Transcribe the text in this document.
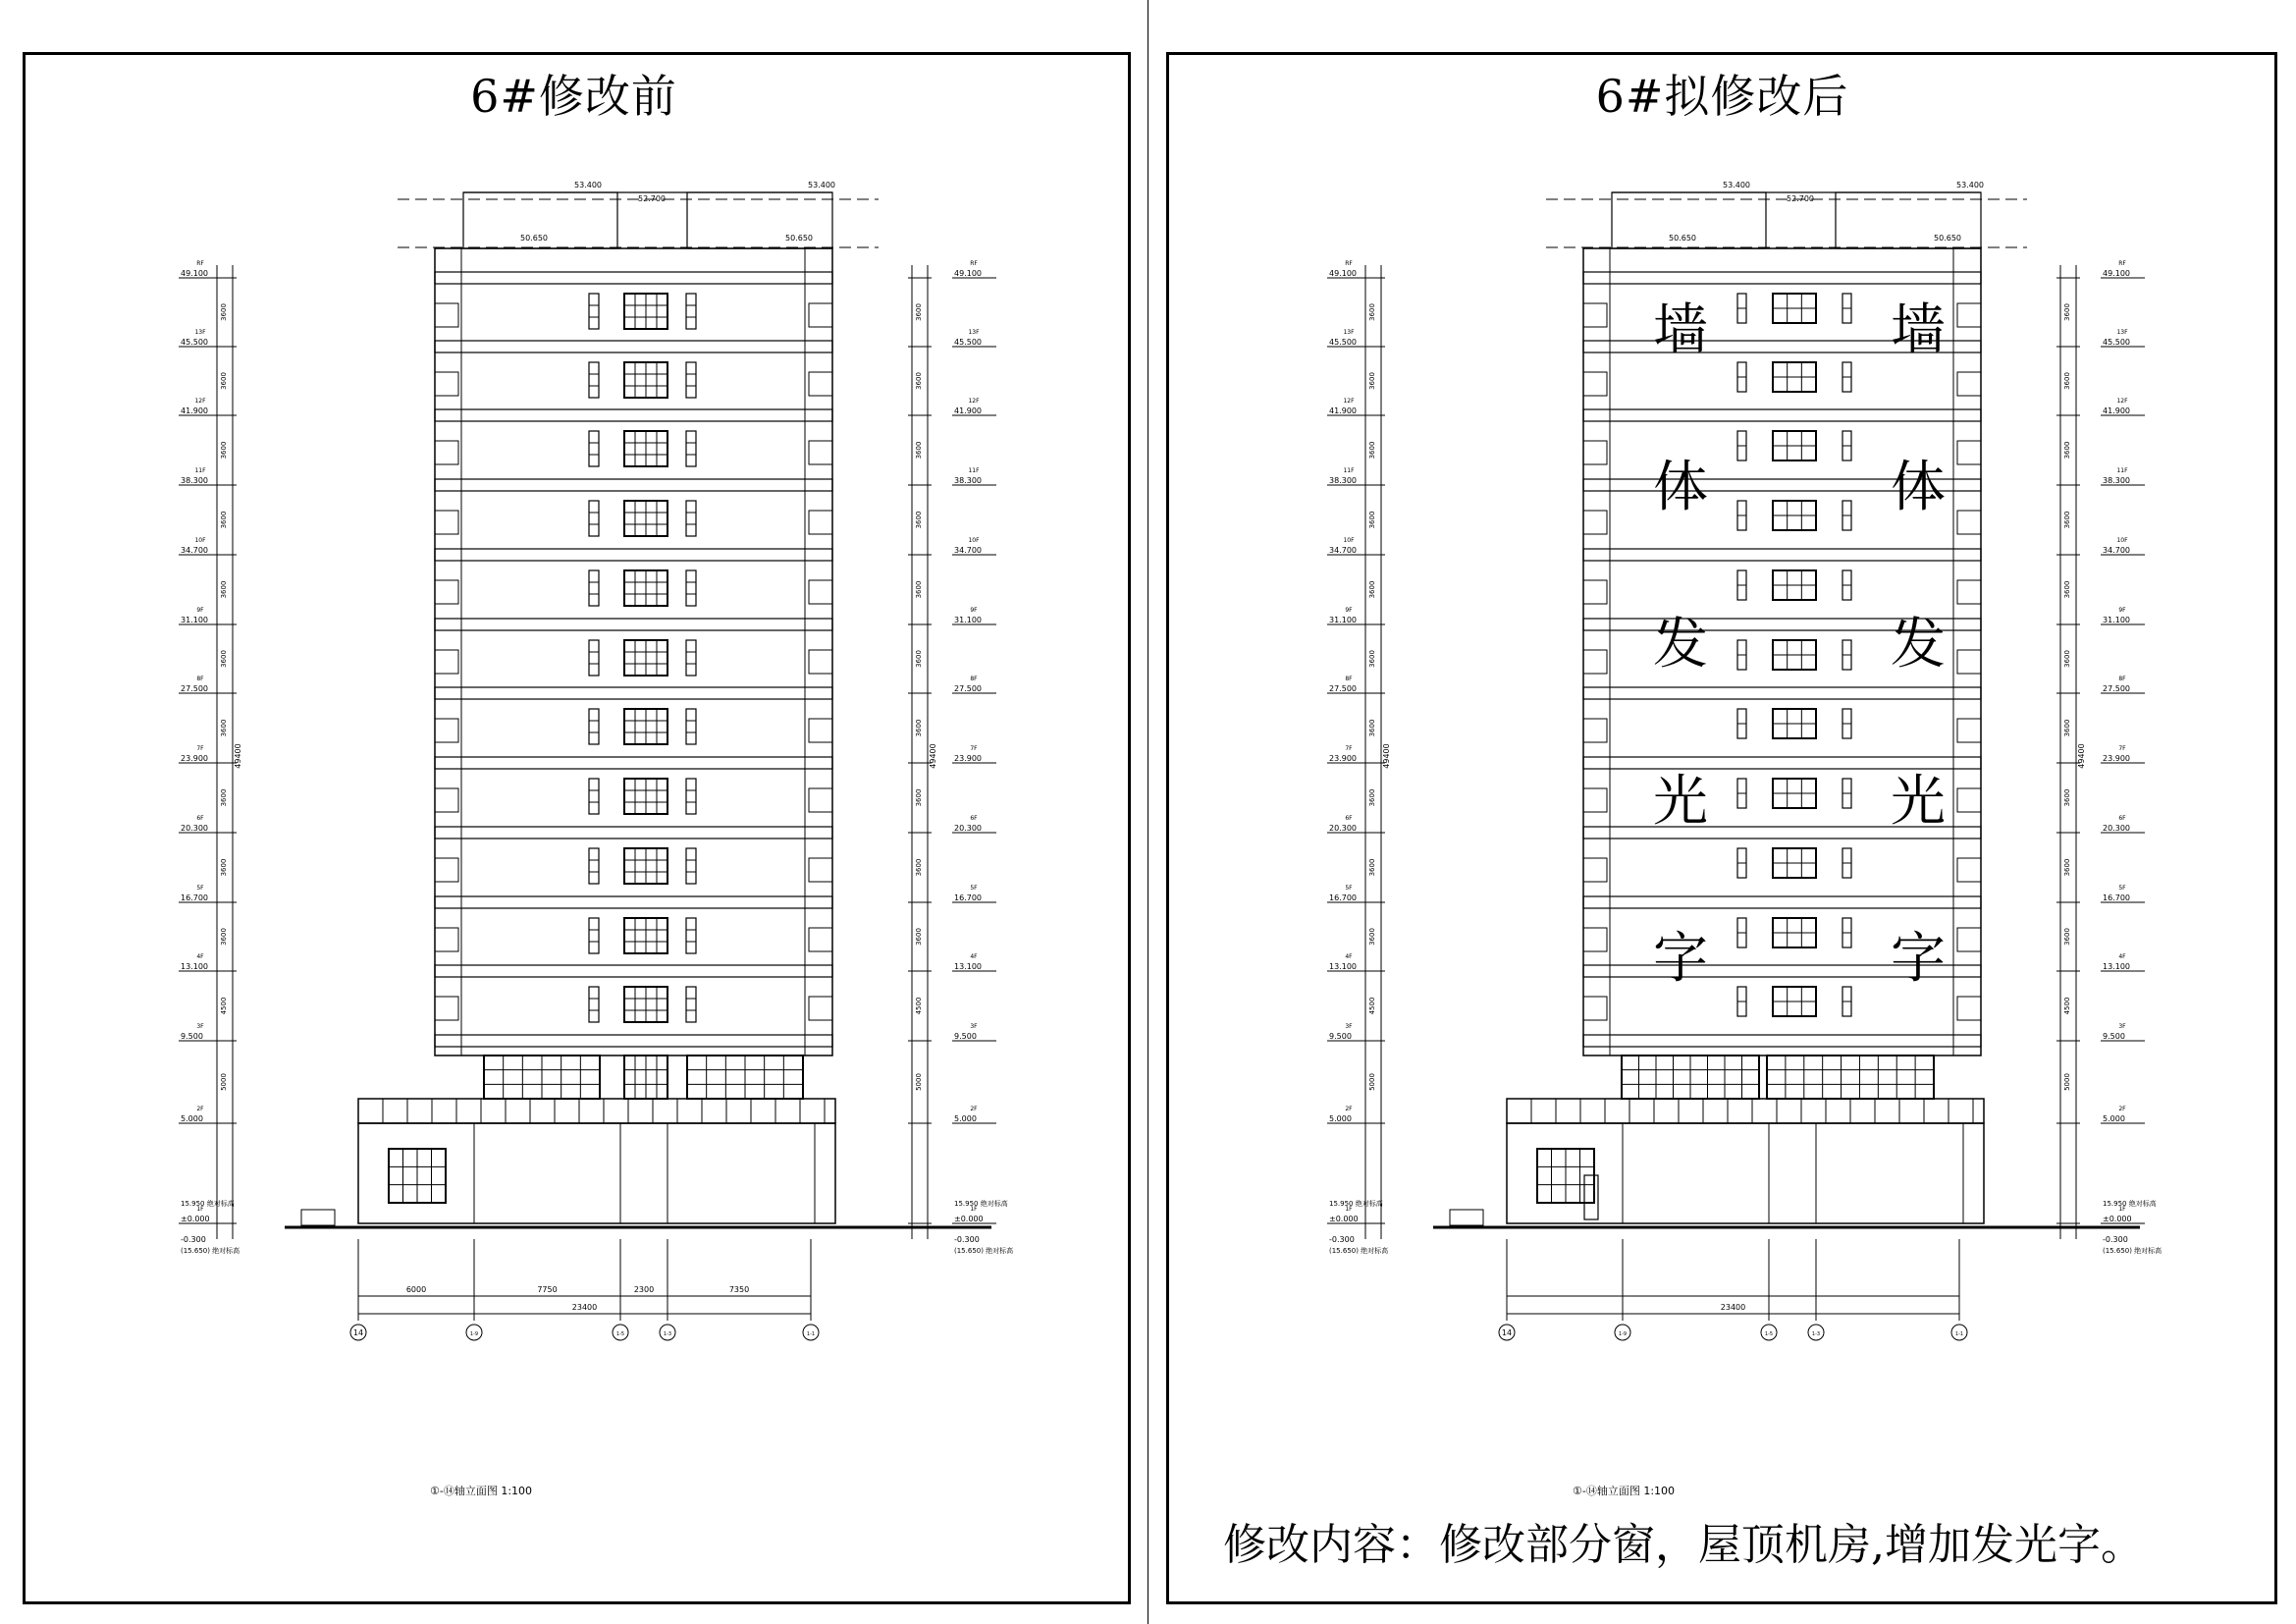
6#修改前
53.400
52.700
53.400
50.650	50.650
RF
49.100
3600
13F
45.500
3600
12F
41.900
3600
11F
38.300
3600
10F
34.700
3600
9F
31.100
3600
8F
27.500
3600
7F
23.900
3600
6F
20.300
3600
5F
16.700
3600
4F
13.100
4500
3F
9.500
5000
2F
5.000
1F
±0.000
49400
15.950 绝对标高
-0.300
(15.650) 绝对标高
RF
49.100
3600
13F
45.500
3600
12F
41.900
3600
11F
38.300
3600
10F
34.700
3600
9F
31.100
3600
8F
27.500
3600
7F
23.900
3600
6F
20.300
3600
5F
16.700
3600
4F
13.100
4500
3F
9.500
5000
2F
5.000
1F
±0.000
49400
15.950 绝对标高
-0.300
(15.650) 绝对标高
6000	7750	2300	7350
23400
14	1-9	1-5	1-3	1-1
①-⑭轴立面图 1:100
6#拟修改后
53.400
52.700
53.400
50.650	50.650
RF
49.100
3600
13F
45.500
3600
12F
41.900
3600
11F
38.300
3600
10F
34.700
3600
9F
31.100
3600
8F
27.500
3600
7F
23.900
3600
6F
20.300
3600
5F
16.700
3600
4F
13.100
4500
3F
9.500
5000
2F
5.000
1F
±0.000
49400
15.950 绝对标高
-0.300
(15.650) 绝对标高
RF
49.100
3600
13F
45.500
3600
12F
41.900
3600
11F
38.300
3600
10F
34.700
3600
9F
31.100
3600
8F
27.500
3600
7F
23.900
3600
6F
20.300
3600
5F
16.700
3600
4F
13.100
4500
3F
9.500
5000
2F
5.000
1F
±0.000
49400
15.950 绝对标高
-0.300
(15.650) 绝对标高
23400
14	1-9	1-5	1-3	1-1
①-⑭轴立面图 1:100
墙
体
发
光
字
墙
体
发
光
字
修改内容：修改部分窗，屋顶机房,增加发光字。
